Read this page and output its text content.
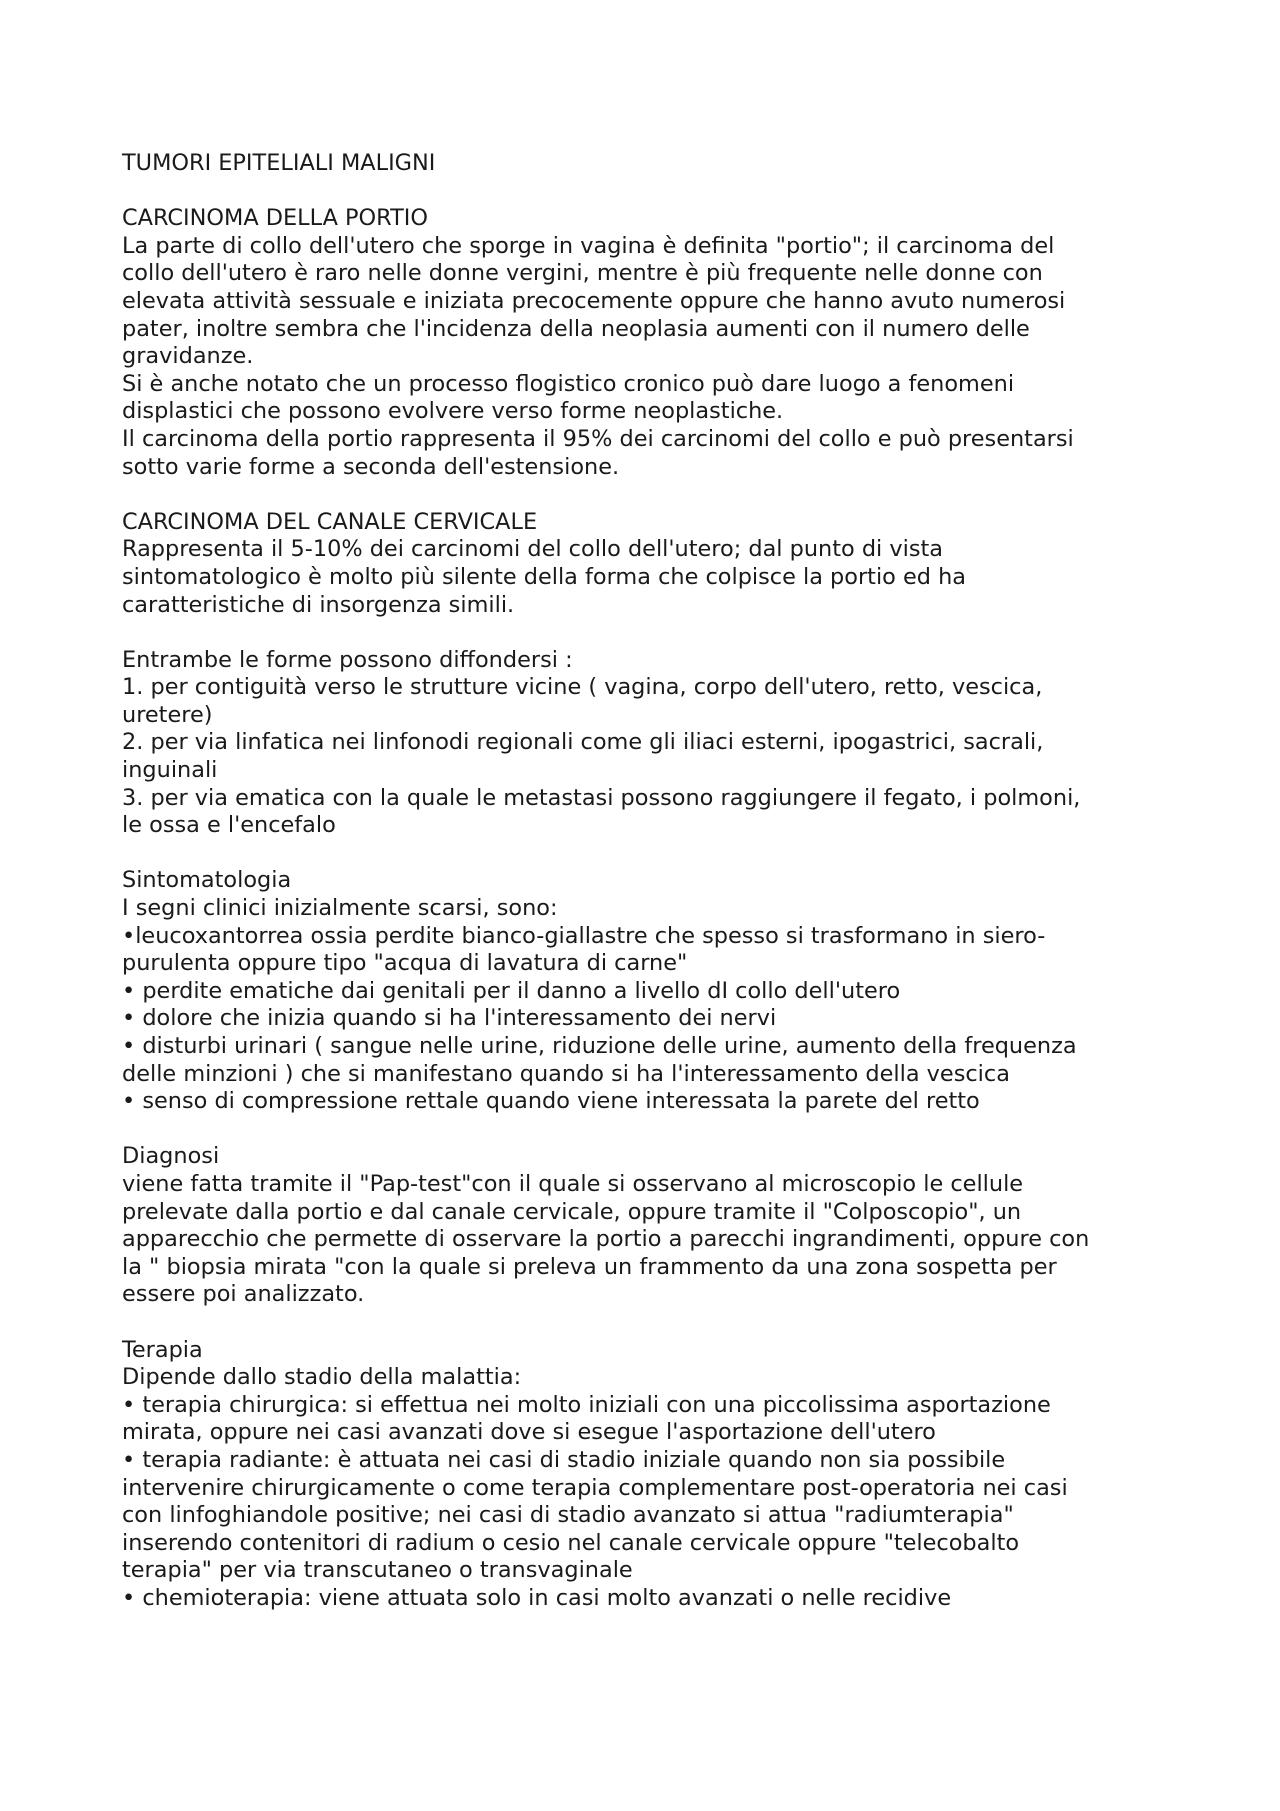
TUMORI EPITELIALI MALIGNI
CARCINOMA DELLA PORTIO
La parte di collo dell'utero che sporge in vagina è definita "portio"; il carcinoma del
collo dell'utero è raro nelle donne vergini, mentre è più frequente nelle donne con
elevata attività sessuale e iniziata precocemente oppure che hanno avuto numerosi
pater, inoltre sembra che l'incidenza della neoplasia aumenti con il numero delle
gravidanze.
Si è anche notato che un processo flogistico cronico può dare luogo a fenomeni
displastici che possono evolvere verso forme neoplastiche.
Il carcinoma della portio rappresenta il 95% dei carcinomi del collo e può presentarsi
sotto varie forme a seconda dell'estensione.
CARCINOMA DEL CANALE CERVICALE
Rappresenta il 5-10% dei carcinomi del collo dell'utero; dal punto di vista
sintomatologico è molto più silente della forma che colpisce la portio ed ha
caratteristiche di insorgenza simili.
Entrambe le forme possono diffondersi :
1. per contiguità verso le strutture vicine ( vagina, corpo dell'utero, retto, vescica,
uretere)
2. per via linfatica nei linfonodi regionali come gli iliaci esterni, ipogastrici, sacrali,
inguinali
3. per via ematica con la quale le metastasi possono raggiungere il fegato, i polmoni,
le ossa e l'encefalo
Sintomatologia
I segni clinici inizialmente scarsi, sono:
•leucoxantorrea ossia perdite bianco-giallastre che spesso si trasformano in siero-
purulenta oppure tipo "acqua di lavatura di carne"
• perdite ematiche dai genitali per il danno a livello dI collo dell'utero
• dolore che inizia quando si ha l'interessamento dei nervi
• disturbi urinari ( sangue nelle urine, riduzione delle urine, aumento della frequenza
delle minzioni ) che si manifestano quando si ha l'interessamento della vescica
• senso di compressione rettale quando viene interessata la parete del retto
Diagnosi
viene fatta tramite il "Pap-test"con il quale si osservano al microscopio le cellule
prelevate dalla portio e dal canale cervicale, oppure tramite il "Colposcopio", un
apparecchio che permette di osservare la portio a parecchi ingrandimenti, oppure con
la " biopsia mirata "con la quale si preleva un frammento da una zona sospetta per
essere poi analizzato.
Terapia
Dipende dallo stadio della malattia:
• terapia chirurgica: si effettua nei molto iniziali con una piccolissima asportazione
mirata, oppure nei casi avanzati dove si esegue l'asportazione dell'utero
• terapia radiante: è attuata nei casi di stadio iniziale quando non sia possibile
intervenire chirurgicamente o come terapia complementare post-operatoria nei casi
con linfoghiandole positive; nei casi di stadio avanzato si attua "radiumterapia"
inserendo contenitori di radium o cesio nel canale cervicale oppure "telecobalto
terapia" per via transcutaneo o transvaginale
• chemioterapia: viene attuata solo in casi molto avanzati o nelle recidive
